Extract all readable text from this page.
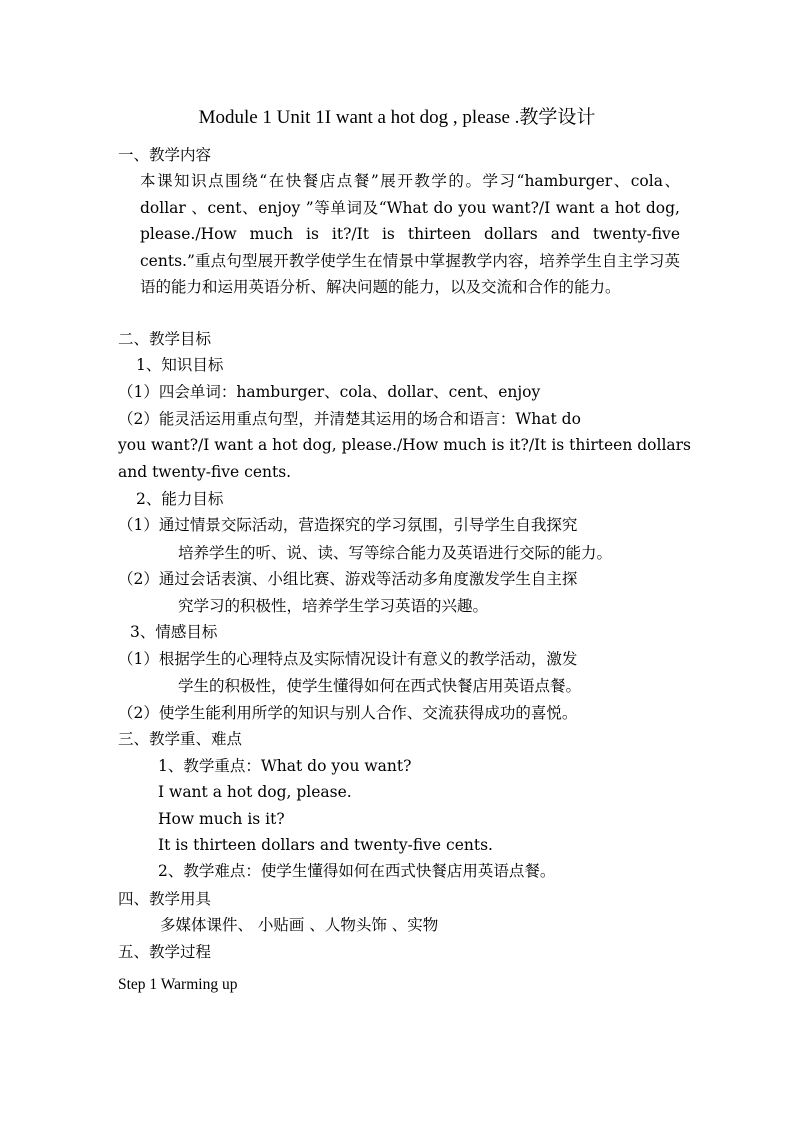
Module 1 Unit 1I want a hot dog , please .教学设计
一、教学内容
本课知识点围绕“在快餐店点餐”展开教学的。学习“hamburger、cola、dollar 、cent、enjoy ”等单词及“What do you want?/I want a hot dog, please./How much is it?/It is thirteen dollars and twenty-five cents.”重点句型展开教学使学生在情景中掌握教学内容，培养学生自主学习英语的能力和运用英语分析、解决问题的能力，以及交流和合作的能力。
二、教学目标
1、知识目标
（1）四会单词：hamburger、cola、dollar、cent、enjoy
（2）能灵活运用重点句型，并清楚其运用的场合和语言：What do
you want?/I want a hot dog, please./How much is it?/It is thirteen dollars
and twenty-five cents.
2、能力目标
（1）通过情景交际活动，营造探究的学习氛围，引导学生自我探究
培养学生的听、说、读、写等综合能力及英语进行交际的能力。
（2）通过会话表演、小组比赛、游戏等活动多角度激发学生自主探
究学习的积极性，培养学生学习英语的兴趣。
3、情感目标
（1）根据学生的心理特点及实际情况设计有意义的教学活动，激发
学生的积极性，使学生懂得如何在西式快餐店用英语点餐。
（2）使学生能利用所学的知识与别人合作、交流获得成功的喜悦。
三、教学重、难点
1、教学重点：What do you want?
I want a hot dog, please.
How much is it?
It is thirteen dollars and twenty-five cents.
2、教学难点：使学生懂得如何在西式快餐店用英语点餐。
四、教学用具
多媒体课件、 小贴画 、人物头饰 、实物
五、教学过程
Step 1 Warming up
